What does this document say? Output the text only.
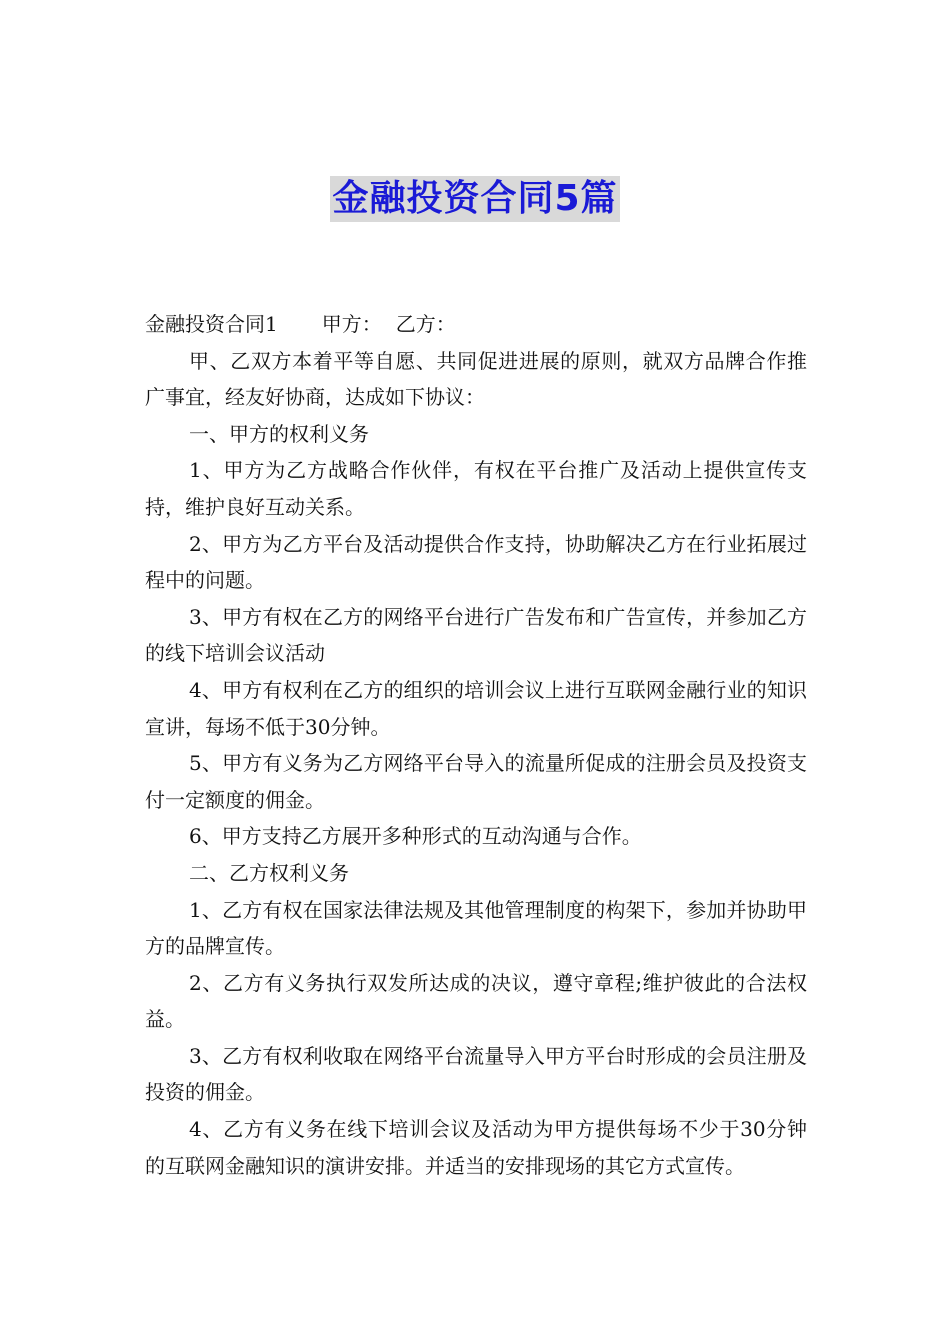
金融投资合同5篇
金融投资合同1 甲方： 乙方：

甲、乙双方本着平等自愿、共同促进进展的原则，就双方品牌合作推广事宜，经友好协商，达成如下协议：

一、甲方的权利义务

1、甲方为乙方战略合作伙伴，有权在平台推广及活动上提供宣传支持，维护良好互动关系。

2、甲方为乙方平台及活动提供合作支持，协助解决乙方在行业拓展过程中的问题。

3、甲方有权在乙方的网络平台进行广告发布和广告宣传，并参加乙方的线下培训会议活动

4、甲方有权利在乙方的组织的培训会议上进行互联网金融行业的知识宣讲，每场不低于30分钟。

5、甲方有义务为乙方网络平台导入的流量所促成的注册会员及投资支付一定额度的佣金。

6、甲方支持乙方展开多种形式的互动沟通与合作。

二、乙方权利义务

1、乙方有权在国家法律法规及其他管理制度的构架下，参加并协助甲方的品牌宣传。

2、乙方有义务执行双发所达成的决议，遵守章程;维护彼此的合法权益。

3、乙方有权利收取在网络平台流量导入甲方平台时形成的会员注册及投资的佣金。

4、乙方有义务在线下培训会议及活动为甲方提供每场不少于30分钟的互联网金融知识的演讲安排。并适当的安排现场的其它方式宣传。
